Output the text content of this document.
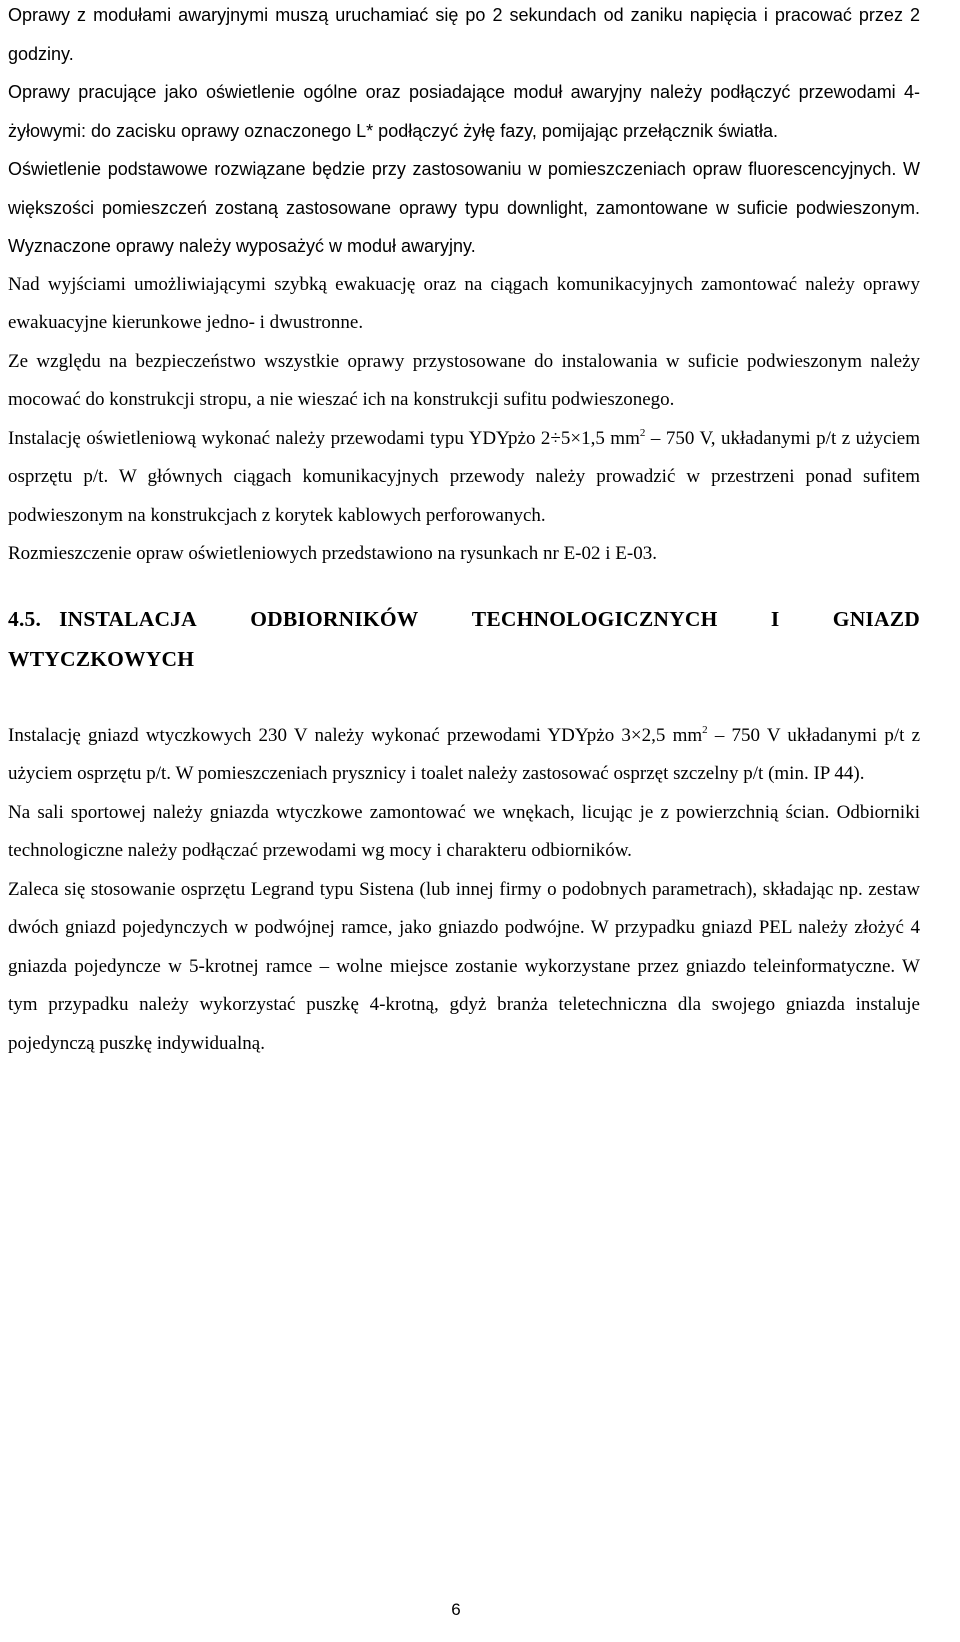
Oprawy z modułami awaryjnymi muszą uruchamiać się po 2 sekundach od zaniku napięcia i pracować przez 2 godziny.

Oprawy pracujące jako oświetlenie ogólne oraz posiadające moduł awaryjny należy podłączyć przewodami 4-żyłowymi: do zacisku oprawy oznaczonego L* podłączyć żyłę fazy, pomijając przełącznik światła.

Oświetlenie podstawowe rozwiązane będzie przy zastosowaniu w pomieszczeniach opraw fluorescencyjnych. W większości pomieszczeń zostaną zastosowane oprawy typu downlight, zamontowane w suficie podwieszonym. Wyznaczone oprawy należy wyposażyć w moduł awaryjny.

Nad wyjściami umożliwiającymi szybką ewakuację oraz na ciągach komunikacyjnych zamontować należy oprawy ewakuacyjne kierunkowe jedno- i dwustronne.

Ze względu na bezpieczeństwo wszystkie oprawy przystosowane do instalowania w suficie podwieszonym należy mocować do konstrukcji stropu, a nie wieszać ich na konstrukcji sufitu podwieszonego.

Instalację oświetleniową wykonać należy przewodami typu YDYpżo 2÷5×1,5 $mm^2 - 750$ V, układanymi p/t z użyciem osprzętu p/t. W głównych ciągach komunikacyjnych przewody należy prowadzić w przestrzeni ponad sufitem podwieszonym na konstrukcjach z korytek kablowych perforowanych.

Rozmieszczenie opraw oświetleniowych przedstawiono na rysunkach nr E-02 i E-03.

4.5. INSTALACJA ODBIORNIKÓW TECHNOLOGICZNYCH I GNIAZD
WTYCZKOWYCH

Instalację gniazd wtyczkowych 230 V należy wykonać przewodami YDYpżo 3×2,5 $mm^2 - 750$ V układanymi p/t z użyciem osprzętu p/t. W pomieszczeniach prysznicy i toalet należy zastosować osprzęt szczelny p/t (min. IP 44).

Na sali sportowej należy gniazda wtyczkowe zamontować we wnękach, licując je z powierzchnią ścian. Odbiorniki technologiczne należy podłączać przewodami wg mocy i charakteru odbiorników.

Zaleca się stosowanie osprzętu Legrand typu Sistena (lub innej firmy o podobnych parametrach), składając np. zestaw dwóch gniazd pojedynczych w podwójnej ramce, jako gniazdo podwójne. W przypadku gniazd PEL należy złożyć 4 gniazda pojedyncze w 5-krotnej ramce – wolne miejsce zostanie wykorzystane przez gniazdo teleinformatyczne. W tym przypadku należy wykorzystać puszkę 4-krotną, gdyż branża teletechniczna dla swojego gniazda instaluje pojedynczą puszkę indywidualną.

6
